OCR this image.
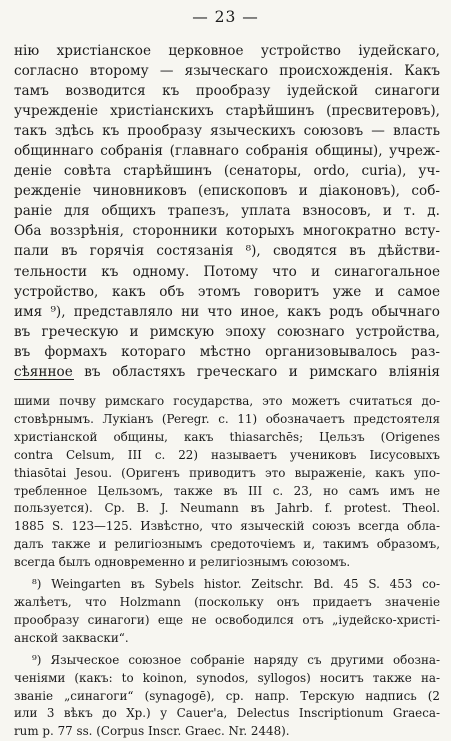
— 23 —
нію христіанское церковное устройство іудейскаго,
согласно второму — языческаго происхожденія. Какъ
тамъ возводится къ прообразу іудейской синагоги
учрежденіе христіанскихъ старѣйшинъ (пресвитеровъ),
такъ здѣсь къ прообразу языческихъ союзовъ — власть
общиннаго собранія (главнаго собранія общины), учреж-
деніе совѣта старѣйшинъ (сенаторы, ordo, curia), уч-
режденіе чиновниковъ (епископовъ и діаконовъ), соб-
раніе для общихъ трапезъ, уплата взносовъ, и т. д.
Оба воззрѣнія, сторонники которыхъ многократно всту-
пали въ горячія состязанія ⁸), сводятся въ дѣйстви-
тельности къ одному. Потому что и синагогальное
устройство, какъ объ этомъ говоритъ уже и самое
имя ⁹), представляло ни что иное, какъ родъ обычнаго
въ греческую и римскую эпоху союзнаго устройства,
въ формахъ котораго мѣстно организовывалось раз-
сѣянное въ областяхъ греческаго и римскаго вліянія
шими почву римскаго государства, это можетъ считаться до-
стовѣрнымъ. Лукіанъ (Peregr. c. 11) обозначаетъ предстоятеля
христіанской общины, какъ thiasarchēs; Цельзъ (Origenes
contra Celsum, III c. 22) называетъ учениковъ Іисусовыхъ
thiasōtai Jesou. (Оригенъ приводитъ это выраженіе, какъ упо-
требленное Цельзомъ, также въ III c. 23, но самъ имъ не
пользуется). Cp. B. J. Neumann въ Jahrb. f. protest. Theol.
1885 S. 123—125. Извѣстно, что языческій союзъ всегда обла-
далъ также и религіознымъ средоточіемъ и, такимъ образомъ,
всегда былъ одновременно и религіознымъ союзомъ.
⁸) Weingarten въ Sybels histor. Zeitschr. Bd. 45 S. 453 со-
жалѣетъ, что Holzmann (поскольку онъ придаетъ значеніе
прообразу синагоги) еще не освободился отъ „іудейско-христі-
анской закваски“.
⁹) Языческое союзное собраніе наряду съ другими обозна-
ченіями (какъ: to koinon, synodos, syllogos) носитъ также на-
званіе „синагоги“ (synagogē), ср. напр. Терскую надпись (2
или 3 вѣкъ до Хр.) у Cauer'a, Delectus Inscriptionum Graeca-
rum p. 77 ss. (Corpus Inscr. Graec. Nr. 2448).
